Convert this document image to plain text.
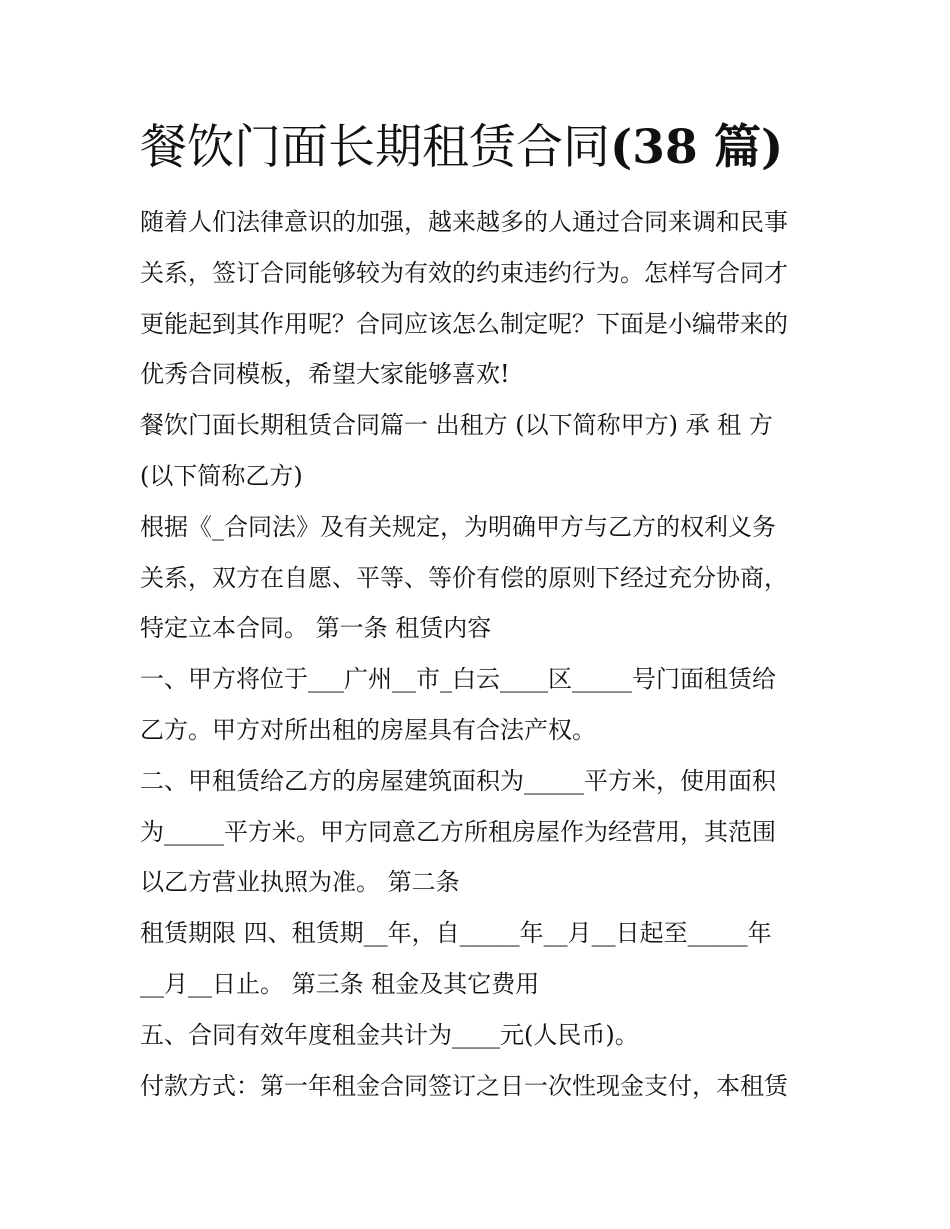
餐饮门面长期租赁合同(38 篇)
随着人们法律意识的加强，越来越多的人通过合同来调和民事
关系，签订合同能够较为有效的约束违约行为。怎样写合同才
更能起到其作用呢？合同应该怎么制定呢？下面是小编带来的
优秀合同模板，希望大家能够喜欢!
餐饮门面长期租赁合同篇一 出租方 (以下简称甲方) 承 租 方
(以下简称乙方)
根据《_合同法》及有关规定，为明确甲方与乙方的权利义务
关系，双方在自愿、平等、等价有偿的原则下经过充分协商，
特定立本合同。 第一条 租赁内容
一、甲方将位于___广州__市_白云____区_____号门面租赁给
乙方。甲方对所出租的房屋具有合法产权。
二、甲租赁给乙方的房屋建筑面积为_____平方米，使用面积
为_____平方米。甲方同意乙方所租房屋作为经营用，其范围
以乙方营业执照为准。 第二条
租赁期限 四、租赁期__年，自_____年__月__日起至_____年
__月__日止。 第三条 租金及其它费用
五、合同有效年度租金共计为____元(人民币)。
付款方式：第一年租金合同签订之日一次性现金支付，本租赁
